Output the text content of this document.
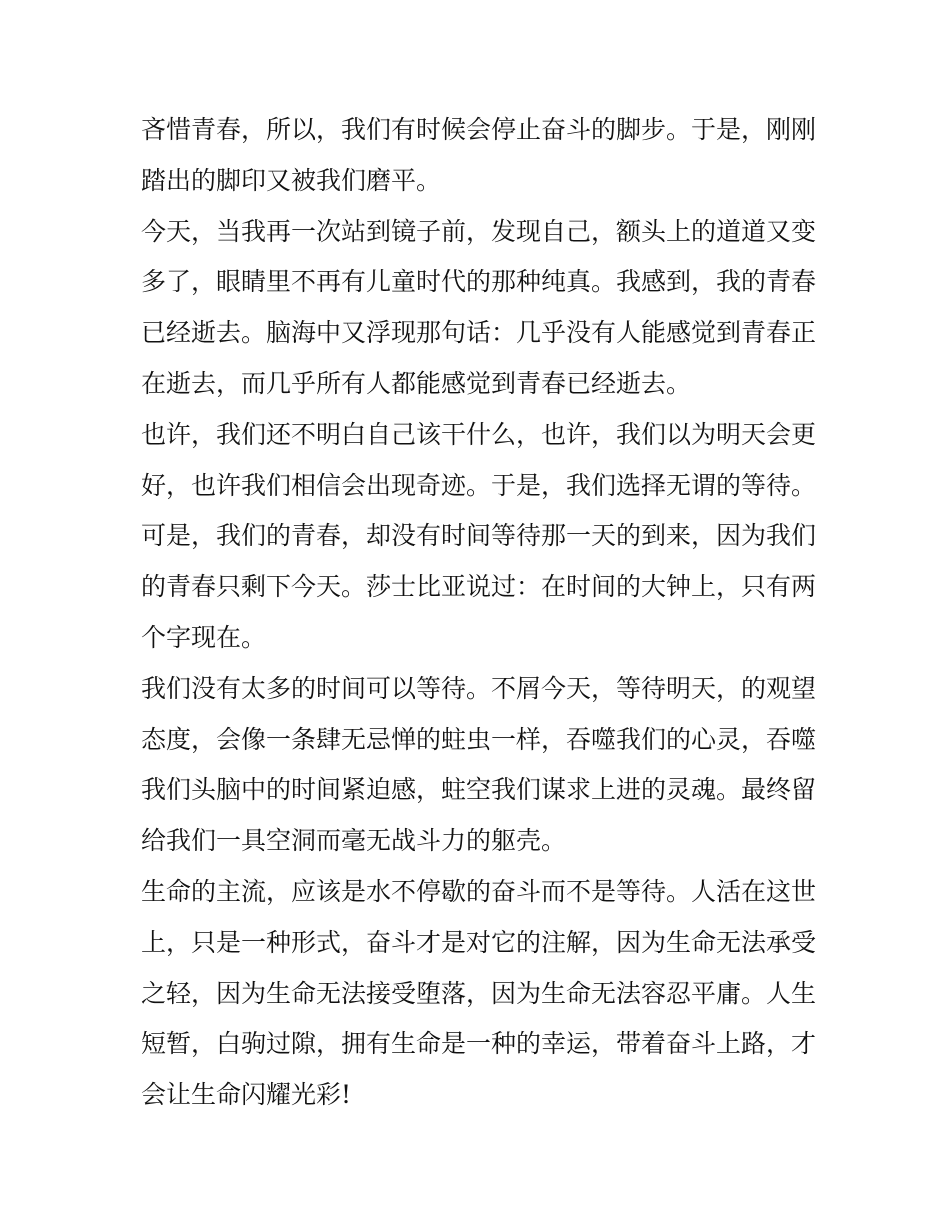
吝惜青春，所以，我们有时候会停止奋斗的脚步。于是，刚刚

踏出的脚印又被我们磨平。

今天，当我再一次站到镜子前，发现自己，额头上的道道又变

多了，眼睛里不再有儿童时代的那种纯真。我感到，我的青春

已经逝去。脑海中又浮现那句话：几乎没有人能感觉到青春正

在逝去，而几乎所有人都能感觉到青春已经逝去。

也许，我们还不明白自己该干什么，也许，我们以为明天会更

好，也许我们相信会出现奇迹。于是，我们选择无谓的等待。

可是，我们的青春，却没有时间等待那一天的到来，因为我们

的青春只剩下今天。莎士比亚说过：在时间的大钟上，只有两

个字现在。

我们没有太多的时间可以等待。不屑今天，等待明天，的观望

态度，会像一条肆无忌惮的蛀虫一样，吞噬我们的心灵，吞噬

我们头脑中的时间紧迫感，蛀空我们谋求上进的灵魂。最终留

给我们一具空洞而毫无战斗力的躯壳。

生命的主流，应该是水不停歇的奋斗而不是等待。人活在这世

上，只是一种形式，奋斗才是对它的注解，因为生命无法承受

之轻，因为生命无法接受堕落，因为生命无法容忍平庸。人生

短暂，白驹过隙，拥有生命是一种的幸运，带着奋斗上路，才

会让生命闪耀光彩!
